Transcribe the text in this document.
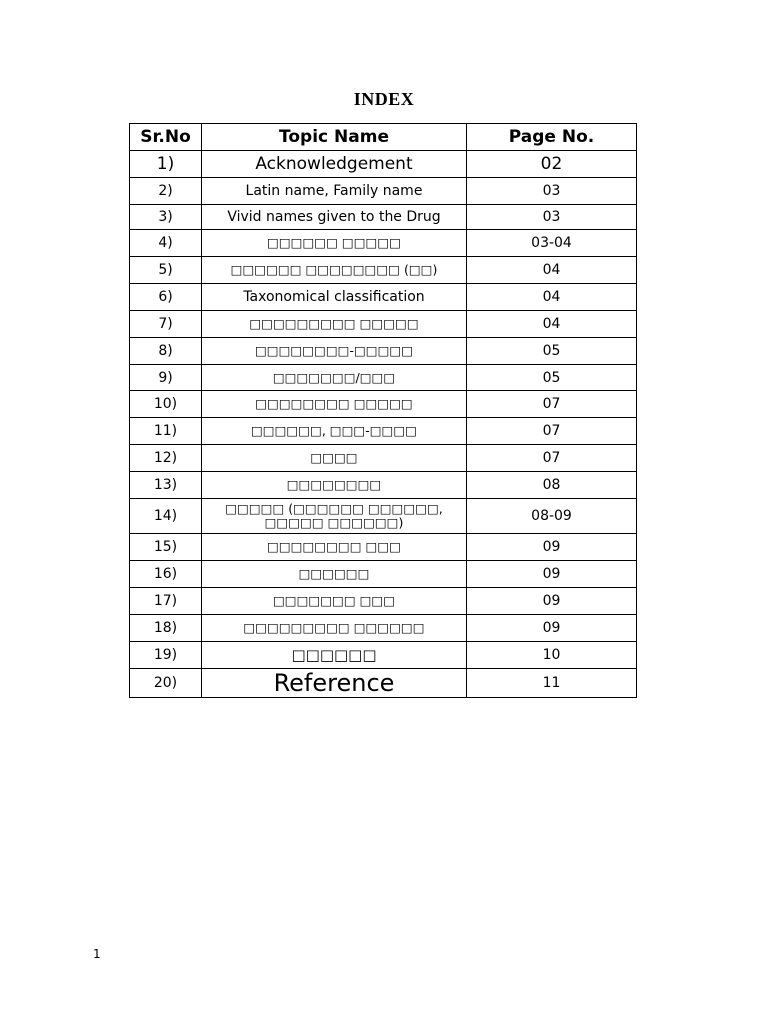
INDEX
Sr.No	Topic Name	Page No.
1)	Acknowledgement	02
2)	Latin name, Family name	03
3)	Vivid names given to the Drug	03
4)	□□□□□□ □□□□□	03-04
5)	□□□□□□ □□□□□□□□ (□□)	04
6)	Taxonomical classification	04
7)	□□□□□□□□□ □□□□□	04
8)	□□□□□□□□-□□□□□	05
9)	□□□□□□□/□□□	05
10)	□□□□□□□□ □□□□□	07
11)	□□□□□□, □□□-□□□□	07
12)	□□□□	07
13)	□□□□□□□□	08
14)	□□□□□ (□□□□□□ □□□□□□, □□□□□ □□□□□□)	08-09
15)	□□□□□□□□ □□□	09
16)	□□□□□□	09
17)	□□□□□□□ □□□	09
18)	□□□□□□□□□ □□□□□□	09
19)	□□□□□□	10
20)	Reference	11
1
